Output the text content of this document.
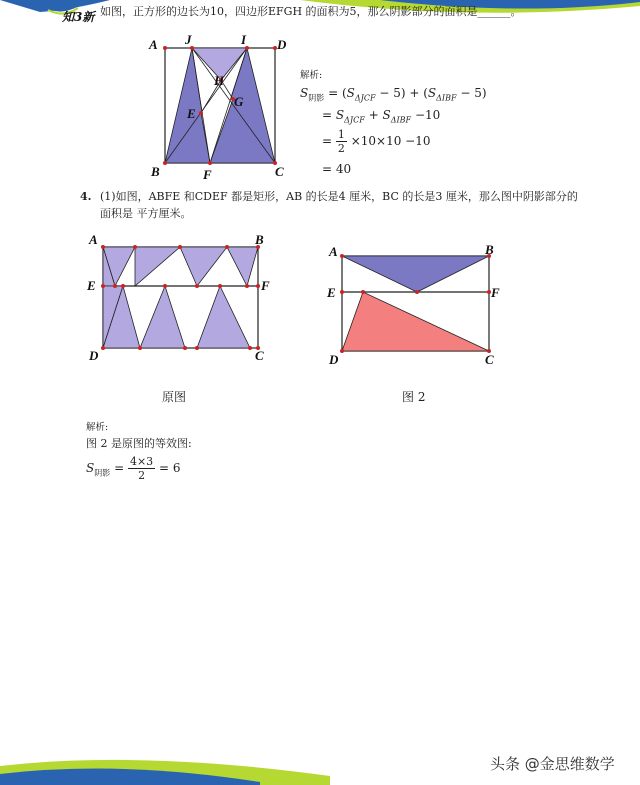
知3新 如图，正方形的边长为10，四边形EFGH 的面积为5，那么阴影部分的面积是______。
A J	I D
H
G
E
B	F	C
解析:
$S_{阴影} = (S_{\Delta JCF} - 5) + (S_{\Delta IBF} - 5)$
= $S_{\Delta JCF} + S_{\Delta IBF} -10$
= $\frac{1}{2} \times 10\times 10 -10$
= 40
4. (1)如图，ABFE 和CDEF 都是矩形，AB 的长是4 厘米，BC 的长是3 厘米，那么图中阴影部分的
面积是 平方厘米。
A	B
E	F
D	C
A	B
E	F
D	C
原图	图 2
解析:
图 2 是原图的等效图:
$S_{阴影} = \frac{4\times 3}{2} = 6$
头条 @金思维数学
